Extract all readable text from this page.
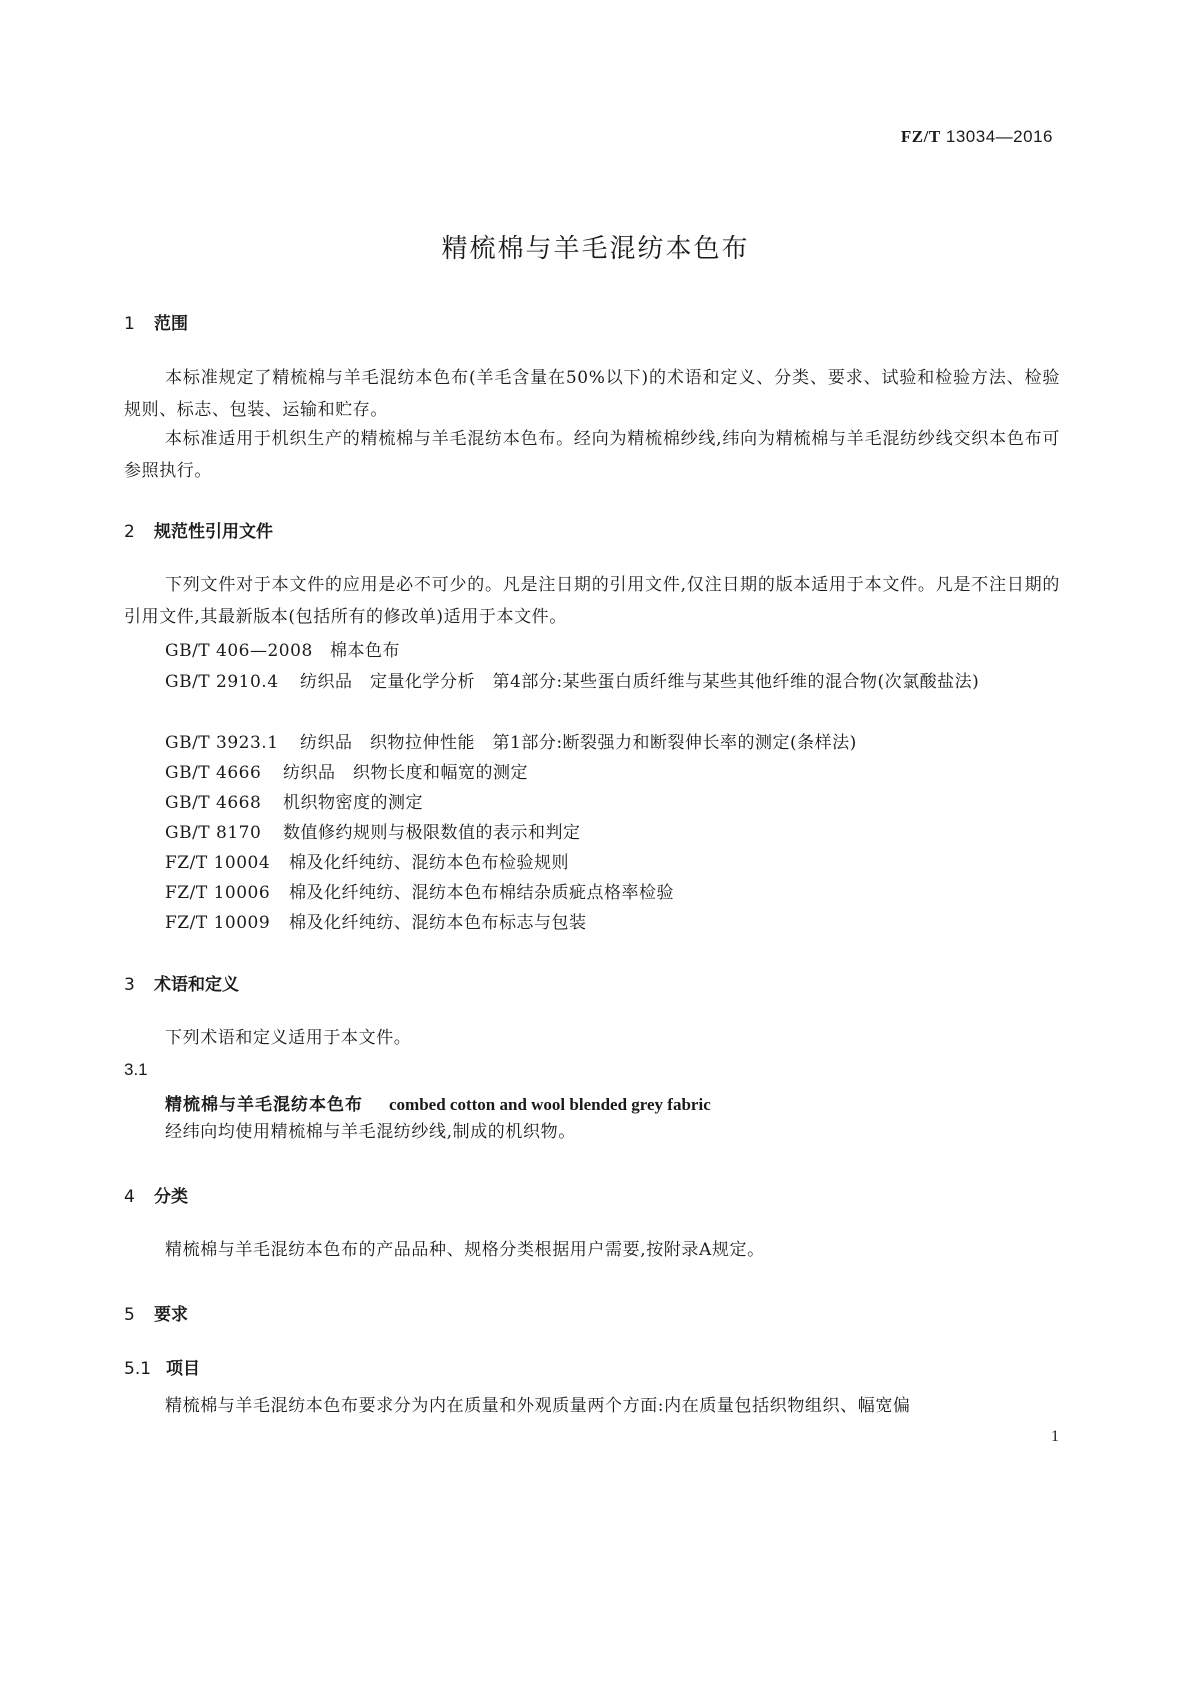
FZ/T 13034—2016
精梳棉与羊毛混纺本色布
1 范围
本标准规定了精梳棉与羊毛混纺本色布(羊毛含量在50%以下)的术语和定义、分类、要求、试验和检验方法、检验规则、标志、包装、运输和贮存。
本标准适用于机织生产的精梳棉与羊毛混纺本色布。经向为精梳棉纱线,纬向为精梳棉与羊毛混纺纱线交织本色布可参照执行。
2 规范性引用文件
下列文件对于本文件的应用是必不可少的。凡是注日期的引用文件,仅注日期的版本适用于本文件。凡是不注日期的引用文件,其最新版本(包括所有的修改单)适用于本文件。
GB/T 406—2008 棉本色布
GB/T 2910.4 纺织品　定量化学分析　第4部分:某些蛋白质纤维与某些其他纤维的混合物(次氯酸盐法)
GB/T 3923.1 纺织品　织物拉伸性能　第1部分:断裂强力和断裂伸长率的测定(条样法)
GB/T 4666 纺织品　织物长度和幅宽的测定
GB/T 4668 机织物密度的测定
GB/T 8170 数值修约规则与极限数值的表示和判定
FZ/T 10004 棉及化纤纯纺、混纺本色布检验规则
FZ/T 10006 棉及化纤纯纺、混纺本色布棉结杂质疵点格率检验
FZ/T 10009 棉及化纤纯纺、混纺本色布标志与包装
3 术语和定义
下列术语和定义适用于本文件。
3.1
精梳棉与羊毛混纺本色布 combed cotton and wool blended grey fabric
经纬向均使用精梳棉与羊毛混纺纱线,制成的机织物。
4 分类
精梳棉与羊毛混纺本色布的产品品种、规格分类根据用户需要,按附录A规定。
5 要求
5.1 项目
精梳棉与羊毛混纺本色布要求分为内在质量和外观质量两个方面:内在质量包括织物组织、幅宽偏
1
